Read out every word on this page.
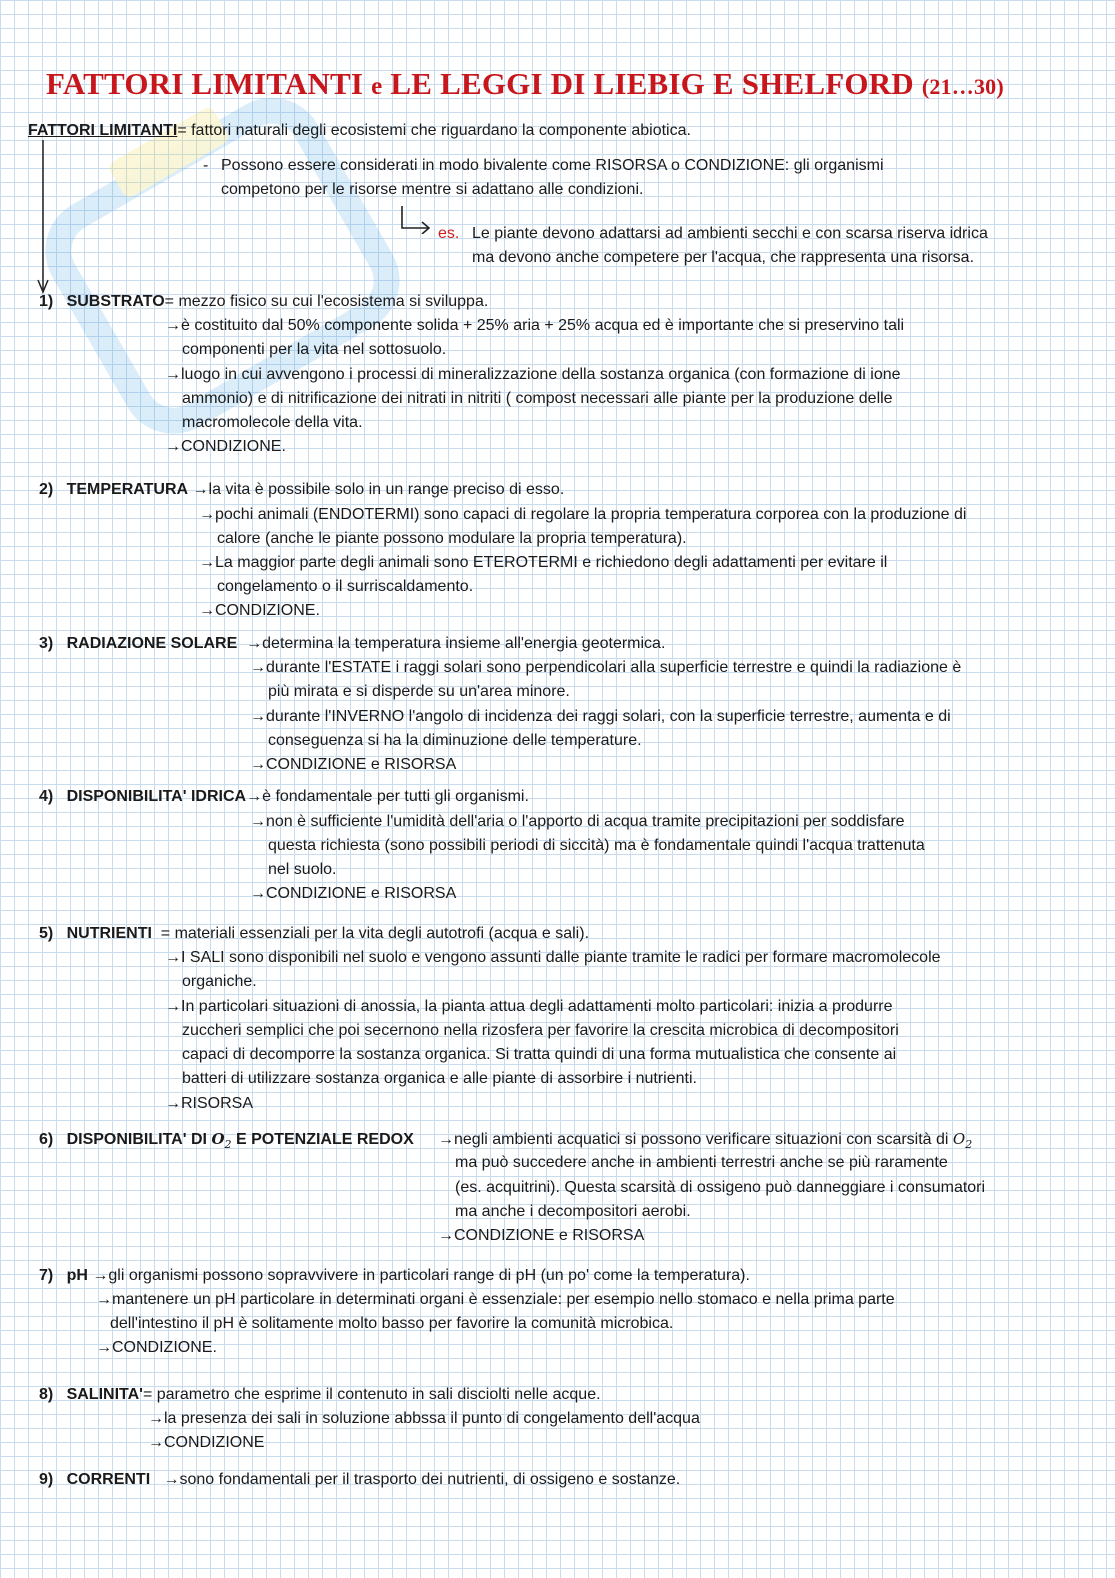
FATTORI LIMITANTI e LE LEGGI DI LIEBIG E SHELFORD (21…30)
FATTORI LIMITANTI= fattori naturali degli ecosistemi che riguardano la componente abiotica.
- Possono essere considerati in modo bivalente come RISORSA o CONDIZIONE: gli organismi
competono per le risorse mentre si adattano alle condizioni.
es. Le piante devono adattarsi ad ambienti secchi e con scarsa riserva idrica
ma devono anche competere per l'acqua, che rappresenta una risorsa.
1) SUBSTRATO= mezzo fisico su cui l'ecosistema si sviluppa.
→è costituito dal 50% componente solida + 25% aria + 25% acqua ed è importante che si preservino tali
componenti per la vita nel sottosuolo.
→luogo in cui avvengono i processi di mineralizzazione della sostanza organica (con formazione di ione
ammonio) e di nitrificazione dei nitrati in nitriti ( compost necessari alle piante per la produzione delle
macromolecole della vita.
→CONDIZIONE.
2) TEMPERATURA →la vita è possibile solo in un range preciso di esso.
→pochi animali (ENDOTERMI) sono capaci di regolare la propria temperatura corporea con la produzione di
calore (anche le piante possono modulare la propria temperatura).
→La maggior parte degli animali sono ETEROTERMI e richiedono degli adattamenti per evitare il
congelamento o il surriscaldamento.
→CONDIZIONE.
3) RADIAZIONE SOLARE →determina la temperatura insieme all'energia geotermica.
→durante l'ESTATE i raggi solari sono perpendicolari alla superficie terrestre e quindi la radiazione è
più mirata e si disperde su un'area minore.
→durante l'INVERNO l'angolo di incidenza dei raggi solari, con la superficie terrestre, aumenta e di
conseguenza si ha la diminuzione delle temperature.
→CONDIZIONE e RISORSA
4) DISPONIBILITA' IDRICA→è fondamentale per tutti gli organismi.
→non è sufficiente l'umidità dell'aria o l'apporto di acqua tramite precipitazioni per soddisfare
questa richiesta (sono possibili periodi di siccità) ma è fondamentale quindi l'acqua trattenuta
nel suolo.
→CONDIZIONE e RISORSA
5) NUTRIENTI = materiali essenziali per la vita degli autotrofi (acqua e sali).
→I SALI sono disponibili nel suolo e vengono assunti dalle piante tramite le radici per formare macromolecole
organiche.
→In particolari situazioni di anossia, la pianta attua degli adattamenti molto particolari: inizia a produrre
zuccheri semplici che poi secernono nella rizosfera per favorire la crescita microbica di decompositori
capaci di decomporre la sostanza organica. Si tratta quindi di una forma mutualistica che consente ai
batteri di utilizzare sostanza organica e alle piante di assorbire i nutrienti.
→RISORSA
6) DISPONIBILITA' DI $O_2$ E POTENZIALE REDOX →negli ambienti acquatici si possono verificare situazioni con scarsità di $O_2$
ma può succedere anche in ambienti terrestri anche se più raramente
(es. acquitrini). Questa scarsità di ossigeno può danneggiare i consumatori
ma anche i decompositori aerobi.
→CONDIZIONE e RISORSA
7) pH →gli organismi possono sopravvivere in particolari range di pH (un po' come la temperatura).
→mantenere un pH particolare in determinati organi è essenziale: per esempio nello stomaco e nella prima parte
dell'intestino il pH è solitamente molto basso per favorire la comunità microbica.
→CONDIZIONE.
8) SALINITA'= parametro che esprime il contenuto in sali disciolti nelle acque.
→la presenza dei sali in soluzione abbssa il punto di congelamento dell'acqua
→CONDIZIONE
9) CORRENTI →sono fondamentali per il trasporto dei nutrienti, di ossigeno e sostanze.
